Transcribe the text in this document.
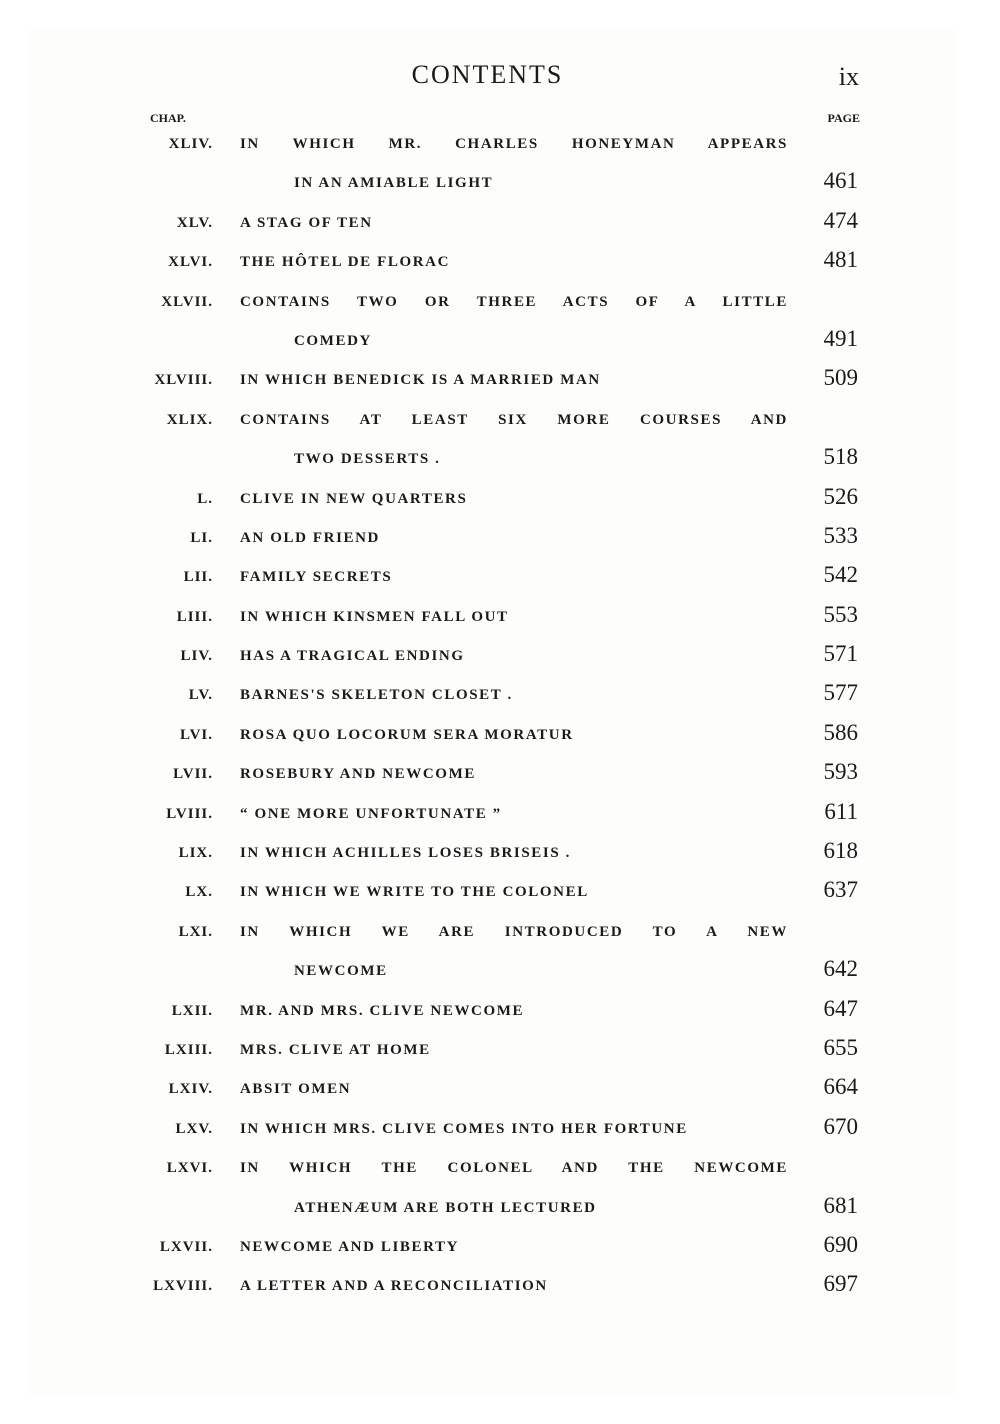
CONTENTS	ix
CHAP.	PAGE
XLIV. IN WHICH MR. CHARLES HONEYMAN APPEARS
IN AN AMIABLE LIGHT	461
XLV. A STAG OF TEN	474
XLVI. THE HÔTEL DE FLORAC	481
XLVII. CONTAINS TWO OR THREE ACTS OF A LITTLE
COMEDY	491
XLVIII. IN WHICH BENEDICK IS A MARRIED MAN	509
XLIX. CONTAINS AT LEAST SIX MORE COURSES AND
TWO DESSERTS .	518
L. CLIVE IN NEW QUARTERS	526
LI. AN OLD FRIEND	533
LII. FAMILY SECRETS	542
LIII. IN WHICH KINSMEN FALL OUT	553
LIV. HAS A TRAGICAL ENDING	571
LV. BARNES'S SKELETON CLOSET .	577
LVI. ROSA QUO LOCORUM SERA MORATUR	586
LVII. ROSEBURY AND NEWCOME	593
LVIII. “ ONE MORE UNFORTUNATE ”	611
LIX. IN WHICH ACHILLES LOSES BRISEIS .	618
LX. IN WHICH WE WRITE TO THE COLONEL	637
LXI. IN WHICH WE ARE INTRODUCED TO A NEW
NEWCOME	642
LXII. MR. AND MRS. CLIVE NEWCOME	647
LXIII. MRS. CLIVE AT HOME	655
LXIV. ABSIT OMEN	664
LXV. IN WHICH MRS. CLIVE COMES INTO HER FORTUNE	670
LXVI. IN WHICH THE COLONEL AND THE NEWCOME
ATHENÆUM ARE BOTH LECTURED	681
LXVII. NEWCOME AND LIBERTY	690
LXVIII. A LETTER AND A RECONCILIATION	697
